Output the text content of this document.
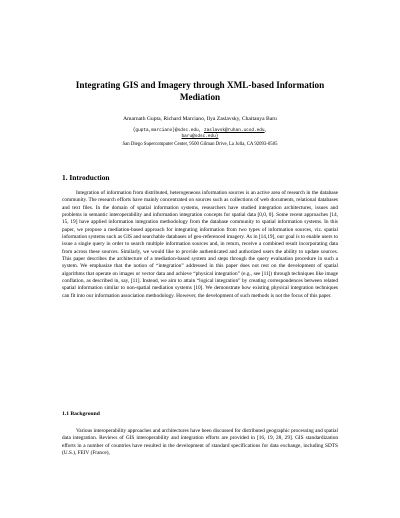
Integrating GIS and Imagery through XML-based Information Mediation
Amarnath Gupta, Richard Marciano, Ilya Zaslavsky, Chaitanya Baru
{gupta,marciano}@sdsc.edu, zaslavsk@ruhan.ucsd.edu,
baru@sdsc.edu}
San Diego Supercomputer Center, 9500 Gilman Drive, La Jolla, CA 92093-0505
1. Introduction

Integration of information from distributed, heterogeneous information sources is an active area of research in the database community. The research efforts have mainly concentrated on sources such as collections of web documents, relational databases and text files. In the domain of spatial information systems, researchers have studied integration architectures, issues and problems in semantic interoperability and information integration concepts for spatial data [0,0, 0]. Some recent approaches [14, 15, 19] have applied information integration methodology from the database community to spatial information systems. In this paper, we propose a mediation-based approach for integrating information from two types of information sources, viz. spatial information systems such as GIS and searchable databases of geo-referenced imagery. As in [14,19], our goal is to enable users to issue a single query in order to search multiple information sources and, in return, receive a combined result incorporating data from across these sources. Similarly, we would like to provide authenticated and authorized users the ability to update sources. This paper describes the architecture of a mediation-based system and steps through the query evaluation procedure in such a system. We emphasize that the notion of “integration” addressed in this paper does not rest on the development of spatial algorithms that operate on images or vector data and achieve “physical integration” (e.g., see [11]) through techniques like image conflation, as described in, say, [11]. Instead, we aim to attain “logical integration” by creating correspondences between related spatial information similar to non-spatial mediation systems [10]. We demonstrate how existing physical integration techniques can fit into our information association methodology. However, the development of such methods is not the focus of this paper.

1.1 Background

Various interoperability approaches and architectures have been discussed for distributed geographic processing and spatial data integration. Reviews of GIS interoperability and integration efforts are provided in [16, 19, 28, 29]. GIS standardization efforts in a number of countries have resulted in the development of standard specifications for data exchange, including SDTS (U.S.), FEIV (France),
